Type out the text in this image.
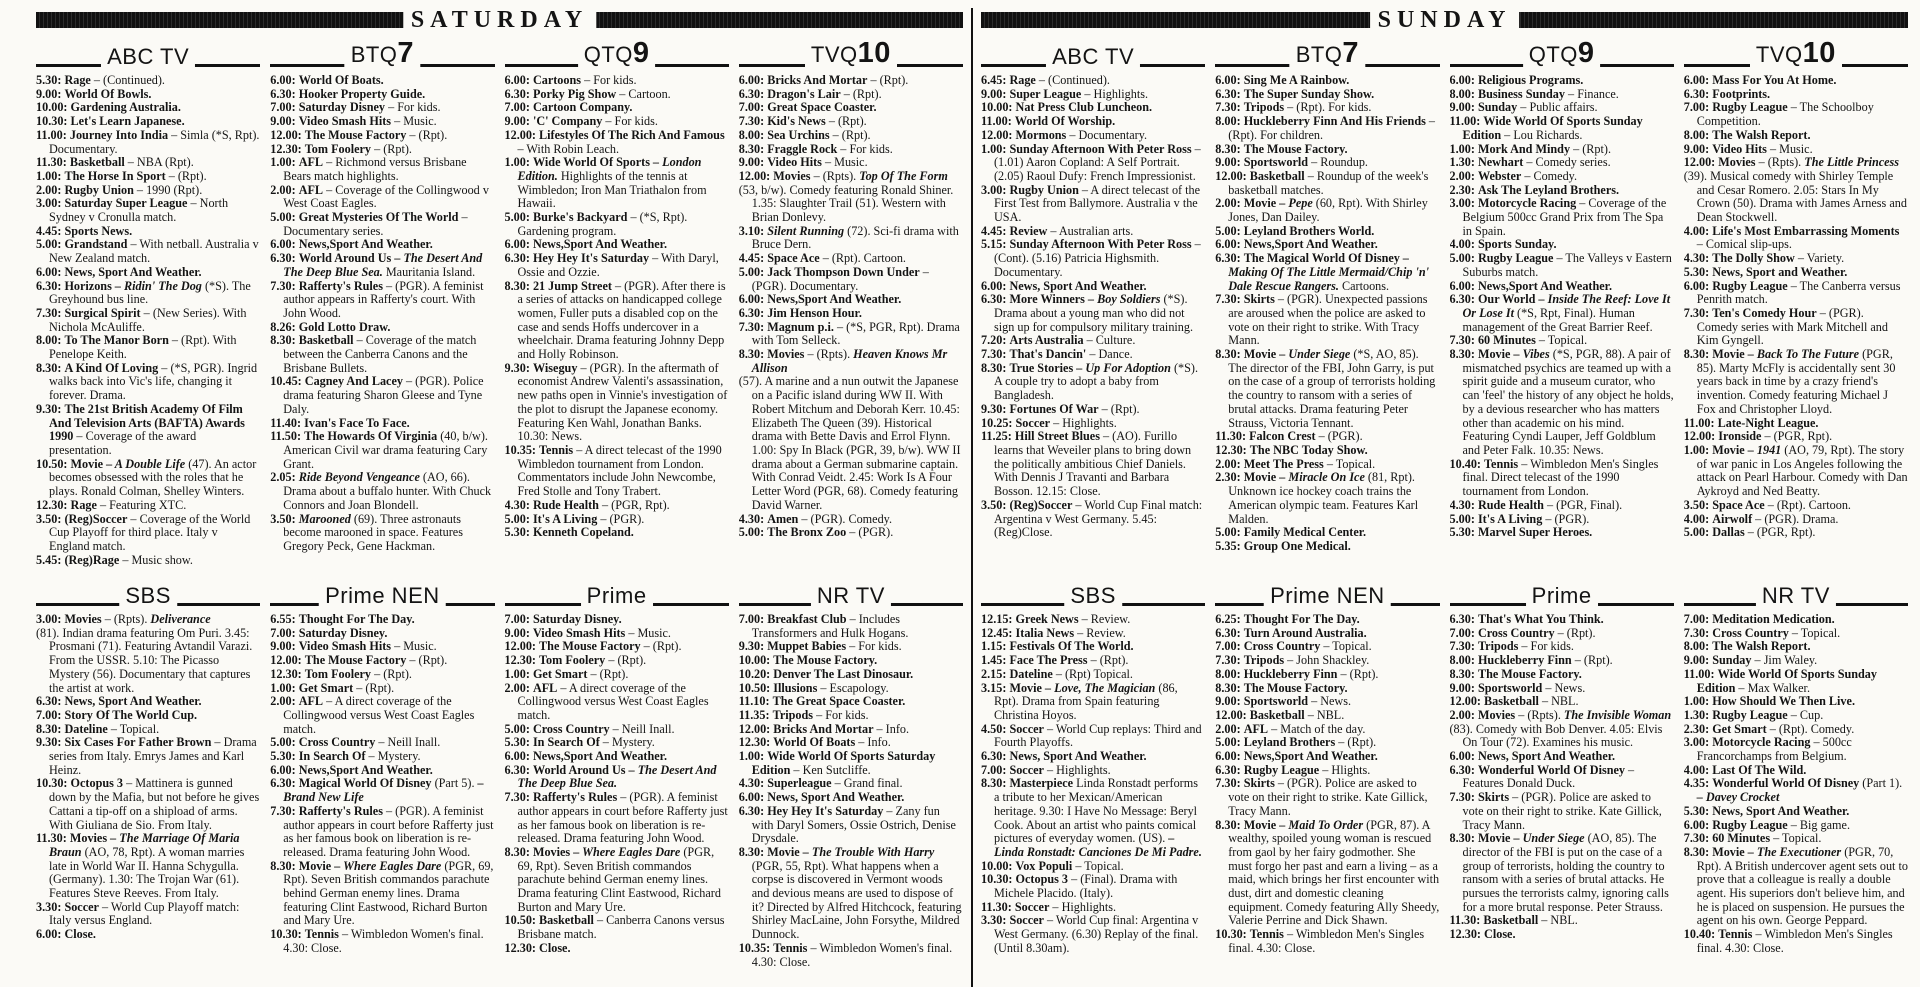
SATURDAY
ABC TV
5.30: Rage – (Continued).
9.00: World Of Bowls.
10.00: Gardening Australia.
10.30: Let's Learn Japanese.
11.00: Journey Into India – Simla (*S, Rpt). Documentary.
11.30: Basketball – NBA (Rpt).
1.00: The Horse In Sport – (Rpt).
2.00: Rugby Union – 1990 (Rpt).
3.00: Saturday Super League – North Sydney v Cronulla match.
4.45: Sports News.
5.00: Grandstand – With netball. Australia v New Zealand match.
6.00: News, Sport And Weather.
6.30: Horizons – Ridin' The Dog (*S). The Greyhound bus line.
7.30: Surgical Spirit – (New Series). With Nichola McAuliffe.
8.00: To The Manor Born – (Rpt). With Penelope Keith.
8.30: A Kind Of Loving – (*S, PGR). Ingrid walks back into Vic's life, changing it forever. Drama.
9.30: The 21st British Academy Of Film And Television Arts (BAFTA) Awards 1990 – Coverage of the award presentation.
10.50: Movie – A Double Life (47). An actor becomes obsessed with the roles that he plays. Ronald Colman, Shelley Winters.
12.30: Rage – Featuring XTC.
3.50: (Reg)Soccer – Coverage of the World Cup Playoff for third place. Italy v England match.
5.45: (Reg)Rage – Music show.
BTQ7
6.00: World Of Boats.
6.30: Hooker Property Guide.
7.00: Saturday Disney – For kids.
9.00: Video Smash Hits – Music.
12.00: The Mouse Factory – (Rpt).
12.30: Tom Foolery – (Rpt).
1.00: AFL – Richmond versus Brisbane Bears match highlights.
2.00: AFL – Coverage of the Collingwood v West Coast Eagles.
5.00: Great Mysteries Of The World – Documentary series.
6.00: News,Sport And Weather.
6.30: World Around Us – The Desert And The Deep Blue Sea. Mauritania Island.
7.30: Rafferty's Rules – (PGR). A feminist author appears in Rafferty's court. With John Wood.
8.26: Gold Lotto Draw.
8.30: Basketball – Coverage of the match between the Canberra Canons and the Brisbane Bullets.
10.45: Cagney And Lacey – (PGR). Police drama featuring Sharon Gleese and Tyne Daly.
11.40: Ivan's Face To Face.
11.50: The Howards Of Virginia (40, b/w). American Civil war drama featuring Cary Grant.
2.05: Ride Beyond Vengeance (AO, 66). Drama about a buffalo hunter. With Chuck Connors and Joan Blondell.
3.50: Marooned (69). Three astronauts become marooned in space. Features Gregory Peck, Gene Hackman.
QTQ9
6.00: Cartoons – For kids.
6.30: Porky Pig Show – Cartoon.
7.00: Cartoon Company.
9.00: 'C' Company – For kids.
12.00: Lifestyles Of The Rich And Famous – With Robin Leach.
1.00: Wide World Of Sports – London Edition. Highlights of the tennis at Wimbledon; Iron Man Triathalon from Hawaii.
5.00: Burke's Backyard – (*S, Rpt). Gardening program.
6.00: News,Sport And Weather.
6.30: Hey Hey It's Saturday – With Daryl, Ossie and Ozzie.
8.30: 21 Jump Street – (PGR). After there is a series of attacks on handicapped college women, Fuller puts a disabled cop on the case and sends Hoffs undercover in a wheelchair. Drama featuring Johnny Depp and Holly Robinson.
9.30: Wiseguy – (PGR). In the aftermath of economist Andrew Valenti's assassination, new paths open in Vinnie's investigation of the plot to disrupt the Japanese economy. Featuring Ken Wahl, Jonathan Banks. 10.30: News.
10.35: Tennis – A direct telecast of the 1990 Wimbledon tournament from London. Commentators include John Newcombe, Fred Stolle and Tony Trabert.
4.30: Rude Health – (PGR, Rpt).
5.00: It's A Living – (PGR).
5.30: Kenneth Copeland.
TVQ10
6.00: Bricks And Mortar – (Rpt).
6.30: Dragon's Lair – (Rpt).
7.00: Great Space Coaster.
7.30: Kid's News – (Rpt).
8.00: Sea Urchins – (Rpt).
8.30: Fraggle Rock – For kids.
9.00: Video Hits – Music.
12.00: Movies – (Rpts). Top Of The Form
(53, b/w). Comedy featuring Ronald Shiner. 1.35: Slaughter Trail (51). Western with Brian Donlevy.
3.10: Silent Running (72). Sci-fi drama with Bruce Dern.
4.45: Space Ace – (Rpt). Cartoon.
5.00: Jack Thompson Down Under – (PGR). Documentary.
6.00: News,Sport And Weather.
6.30: Jim Henson Hour.
7.30: Magnum p.i. – (*S, PGR, Rpt). Drama with Tom Selleck.
8.30: Movies – (Rpts). Heaven Knows Mr Allison
(57). A marine and a nun outwit the Japanese on a Pacific island during WW II. With Robert Mitchum and Deborah Kerr. 10.45: Elizabeth The Queen (39). Historical drama with Bette Davis and Errol Flynn. 1.00: Spy In Black (PGR, 39, b/w). WW II drama about a German submarine captain. With Conrad Veidt. 2.45: Work Is A Four Letter Word (PGR, 68). Comedy featuring David Warner.
4.30: Amen – (PGR). Comedy.
5.00: The Bronx Zoo – (PGR).
SBS
3.00: Movies – (Rpts). Deliverance
(81). Indian drama featuring Om Puri. 3.45: Prosmani (71). Featuring Avtandil Varazi. From the USSR. 5.10: The Picasso Mystery (56). Documentary that captures the artist at work.
6.30: News, Sport And Weather.
7.00: Story Of The World Cup.
8.30: Dateline – Topical.
9.30: Six Cases For Father Brown – Drama series from Italy. Emrys James and Karl Heinz.
10.30: Octopus 3 – Mattinera is gunned down by the Mafia, but not before he gives Cattani a tip-off on a shipload of arms. With Giuliana de Sio. From Italy.
11.30: Movies – The Marriage Of Maria Braun (AO, 78, Rpt). A woman marries late in World War II. Hanna Schygulla. (Germany). 1.30: The Trojan War (61). Features Steve Reeves. From Italy.
3.30: Soccer – World Cup Playoff match: Italy versus England.
6.00: Close.
Prime NEN
6.55: Thought For The Day.
7.00: Saturday Disney.
9.00: Video Smash Hits – Music.
12.00: The Mouse Factory – (Rpt).
12.30: Tom Foolery – (Rpt).
1.00: Get Smart – (Rpt).
2.00: AFL – A direct coverage of the Collingwood versus West Coast Eagles match.
5.00: Cross Country – Neill Inall.
5.30: In Search Of – Mystery.
6.00: News,Sport And Weather.
6.30: Magical World Of Disney (Part 5). – Brand New Life
7.30: Rafferty's Rules – (PGR). A feminist author appears in court before Rafferty just as her famous book on liberation is re-released. Drama featuring John Wood.
8.30: Movie – Where Eagles Dare (PGR, 69, Rpt). Seven British commandos parachute behind German enemy lines. Drama featuring Clint Eastwood, Richard Burton and Mary Ure.
10.30: Tennis – Wimbledon Women's final. 4.30: Close.
Prime
7.00: Saturday Disney.
9.00: Video Smash Hits – Music.
12.00: The Mouse Factory – (Rpt).
12.30: Tom Foolery – (Rpt).
1.00: Get Smart – (Rpt).
2.00: AFL – A direct coverage of the Collingwood versus West Coast Eagles match.
5.00: Cross Country – Neill Inall.
5.30: In Search Of – Mystery.
6.00: News,Sport And Weather.
6.30: World Around Us – The Desert And The Deep Blue Sea.
7.30: Rafferty's Rules – (PGR). A feminist author appears in court before Rafferty just as her famous book on liberation is re-released. Drama featuring John Wood.
8.30: Movies – Where Eagles Dare (PGR, 69, Rpt). Seven British commandos parachute behind German enemy lines. Drama featuring Clint Eastwood, Richard Burton and Mary Ure.
10.50: Basketball – Canberra Canons versus Brisbane match.
12.30: Close.
NR TV
7.00: Breakfast Club – Includes Transformers and Hulk Hogans.
9.30: Muppet Babies – For kids.
10.00: The Mouse Factory.
10.20: Denver The Last Dinosaur.
10.50: Illusions – Escapology.
11.10: The Great Space Coaster.
11.35: Tripods – For kids.
12.00: Bricks And Mortar – Info.
12.30: World Of Boats – Info.
1.00: Wide World Of Sports Saturday Edition – Ken Sutcliffe.
4.30: Superleague – Grand final.
6.00: News, Sport And Weather.
6.30: Hey Hey It's Saturday – Zany fun with Daryl Somers, Ossie Ostrich, Denise Drysdale.
8.30: Movie – The Trouble With Harry (PGR, 55, Rpt). What happens when a corpse is discovered in Vermont woods and devious means are used to dispose of it? Directed by Alfred Hitchcock, featuring Shirley MacLaine, John Forsythe, Mildred Dunnock.
10.35: Tennis – Wimbledon Women's final. 4.30: Close.
SUNDAY
ABC TV
6.45: Rage – (Continued).
9.00: Super League – Highlights.
10.00: Nat Press Club Luncheon.
11.00: World Of Worship.
12.00: Mormons – Documentary.
1.00: Sunday Afternoon With Peter Ross – (1.01) Aaron Copland: A Self Portrait. (2.05) Raoul Dufy: French Impressionist.
3.00: Rugby Union – A direct telecast of the First Test from Ballymore. Australia v the USA.
4.45: Review – Australian arts.
5.15: Sunday Afternoon With Peter Ross – (Cont). (5.16) Patricia Highsmith. Documentary.
6.00: News, Sport And Weather.
6.30: More Winners – Boy Soldiers (*S). Drama about a young man who did not sign up for compulsory military training.
7.20: Arts Australia – Culture.
7.30: That's Dancin' – Dance.
8.30: True Stories – Up For Adoption (*S). A couple try to adopt a baby from Bangladesh.
9.30: Fortunes Of War – (Rpt).
10.25: Soccer – Highlights.
11.25: Hill Street Blues – (AO). Furillo learns that Weveiler plans to bring down the politically ambitious Chief Daniels. With Dennis J Travanti and Barbara Bosson. 12.15: Close.
3.50: (Reg)Soccer – World Cup Final match: Argentina v West Germany. 5.45: (Reg)Close.
BTQ7
6.00: Sing Me A Rainbow.
6.30: The Super Sunday Show.
7.30: Tripods – (Rpt). For kids.
8.00: Huckleberry Finn And His Friends – (Rpt). For children.
8.30: The Mouse Factory.
9.00: Sportsworld – Roundup.
12.00: Basketball – Roundup of the week's basketball matches.
2.00: Movie – Pepe (60, Rpt). With Shirley Jones, Dan Dailey.
5.00: Leyland Brothers World.
6.00: News,Sport And Weather.
6.30: The Magical World Of Disney – Making Of The Little Mermaid/Chip 'n' Dale Rescue Rangers. Cartoons.
7.30: Skirts – (PGR). Unexpected passions are aroused when the police are asked to vote on their right to strike. With Tracy Mann.
8.30: Movie – Under Siege (*S, AO, 85). The director of the FBI, John Garry, is put on the case of a group of terrorists holding the country to ransom with a series of brutal attacks. Drama featuring Peter Strauss, Victoria Tennant.
11.30: Falcon Crest – (PGR).
12.30: The NBC Today Show.
2.00: Meet The Press – Topical.
2.30: Movie – Miracle On Ice (81, Rpt). Unknown ice hockey coach trains the American olympic team. Features Karl Malden.
5.00: Family Medical Center.
5.35: Group One Medical.
QTQ9
6.00: Religious Programs.
8.00: Business Sunday – Finance.
9.00: Sunday – Public affairs.
11.00: Wide World Of Sports Sunday Edition – Lou Richards.
1.00: Mork And Mindy – (Rpt).
1.30: Newhart – Comedy series.
2.00: Webster – Comedy.
2.30: Ask The Leyland Brothers.
3.00: Motorcycle Racing – Coverage of the Belgium 500cc Grand Prix from The Spa in Spain.
4.00: Sports Sunday.
5.00: Rugby League – The Valleys v Eastern Suburbs match.
6.00: News,Sport And Weather.
6.30: Our World – Inside The Reef: Love It Or Lose It (*S, Rpt, Final). Human management of the Great Barrier Reef.
7.30: 60 Minutes – Topical.
8.30: Movie – Vibes (*S, PGR, 88). A pair of mismatched psychics are teamed up with a spirit guide and a museum curator, who can 'feel' the history of any object he holds, by a devious researcher who has matters other than academic on his mind. Featuring Cyndi Lauper, Jeff Goldblum and Peter Falk. 10.35: News.
10.40: Tennis – Wimbledon Men's Singles final. Direct telecast of the 1990 tournament from London.
4.30: Rude Health – (PGR, Final).
5.00: It's A Living – (PGR).
5.30: Marvel Super Heroes.
TVQ10
6.00: Mass For You At Home.
6.30: Footprints.
7.00: Rugby League – The Schoolboy Competition.
8.00: The Walsh Report.
9.00: Video Hits – Music.
12.00: Movies – (Rpts). The Little Princess
(39). Musical comedy with Shirley Temple and Cesar Romero. 2.05: Stars In My Crown (50). Drama with James Arness and Dean Stockwell.
4.00: Life's Most Embarrassing Moments – Comical slip-ups.
4.30: The Dolly Show – Variety.
5.30: News, Sport and Weather.
6.00: Rugby League – The Canberra versus Penrith match.
7.30: Ten's Comedy Hour – (PGR). Comedy series with Mark Mitchell and Kim Gyngell.
8.30: Movie – Back To The Future (PGR, 85). Marty McFly is accidentally sent 30 years back in time by a crazy friend's invention. Comedy featuring Michael J Fox and Christopher Lloyd.
11.00: Late-Night League.
12.00: Ironside – (PGR, Rpt).
1.00: Movie – 1941 (AO, 79, Rpt). The story of war panic in Los Angeles following the attack on Pearl Harbour. Comedy with Dan Aykroyd and Ned Beatty.
3.50: Space Ace – (Rpt). Cartoon.
4.00: Airwolf – (PGR). Drama.
5.00: Dallas – (PGR, Rpt).
SBS
12.15: Greek News – Review.
12.45: Italia News – Review.
1.15: Festivals Of The World.
1.45: Face The Press – (Rpt).
2.15: Dateline – (Rpt) Topical.
3.15: Movie – Love, The Magician (86, Rpt). Drama from Spain featuring Christina Hoyos.
4.50: Soccer – World Cup replays: Third and Fourth Playoffs.
6.30: News, Sport And Weather.
7.00: Soccer – Highlights.
8.30: Masterpiece Linda Ronstadt performs a tribute to her Mexican/American heritage. 9.30: I Have No Message: Beryl Cook. About an artist who paints comical pictures of everyday women. (US). – Linda Ronstadt: Canciones De Mi Padre.
10.00: Vox Populi – Topical.
10.30: Octopus 3 – (Final). Drama with Michele Placido. (Italy).
11.30: Soccer – Highlights.
3.30: Soccer – World Cup final: Argentina v West Germany. (6.30) Replay of the final. (Until 8.30am).
Prime NEN
6.25: Thought For The Day.
6.30: Turn Around Australia.
7.00: Cross Country – Topical.
7.30: Tripods – John Shackley.
8.00: Huckleberry Finn – (Rpt).
8.30: The Mouse Factory.
9.00: Sportsworld – News.
12.00: Basketball – NBL.
2.00: AFL – Match of the day.
5.00: Leyland Brothers – (Rpt).
6.00: News,Sport And Weather.
6.30: Rugby League – Hlights.
7.30: Skirts – (PGR). Police are asked to vote on their right to strike. Kate Gillick, Tracy Mann.
8.30: Movie – Maid To Order (PGR, 87). A wealthy, spoiled young woman is rescued from gaol by her fairy godmother. She must forgo her past and earn a living – as a maid, which brings her first encounter with dust, dirt and domestic cleaning equipment. Comedy featuring Ally Sheedy, Valerie Perrine and Dick Shawn.
10.30: Tennis – Wimbledon Men's Singles final. 4.30: Close.
Prime
6.30: That's What You Think.
7.00: Cross Country – (Rpt).
7.30: Tripods – For kids.
8.00: Huckleberry Finn – (Rpt).
8.30: The Mouse Factory.
9.00: Sportsworld – News.
12.00: Basketball – NBL.
2.00: Movies – (Rpts). The Invisible Woman
(83). Comedy with Bob Denver. 4.05: Elvis On Tour (72). Examines his music.
6.00: News, Sport And Weather.
6.30: Wonderful World Of Disney – Features Donald Duck.
7.30: Skirts – (PGR). Police are asked to vote on their right to strike. Kate Gillick, Tracy Mann.
8.30: Movie – Under Siege (AO, 85). The director of the FBI is put on the case of a group of terrorists, holding the country to ransom with a series of brutal attacks. He pursues the terrorists calmy, ignoring calls for a more brutal response. Peter Strauss.
11.30: Basketball – NBL.
12.30: Close.
NR TV
7.00: Meditation Medication.
7.30: Cross Country – Topical.
8.00: The Walsh Report.
9.00: Sunday – Jim Waley.
11.00: Wide World Of Sports Sunday Edition – Max Walker.
1.00: How Should We Then Live.
1.30: Rugby League – Cup.
2.30: Get Smart – (Rpt). Comedy.
3.00: Motorcycle Racing – 500cc Francorchamps from Belgium.
4.00: Last Of The Wild.
4.35: Wonderful World Of Disney (Part 1). – Davey Crocket
5.30: News, Sport And Weather.
6.00: Rugby League – Big game.
7.30: 60 Minutes – Topical.
8.30: Movie – The Executioner (PGR, 70, Rpt). A British undercover agent sets out to prove that a colleague is really a double agent. His superiors don't believe him, and he is placed on suspension. He pursues the agent on his own. George Peppard.
10.40: Tennis – Wimbledon Men's Singles final. 4.30: Close.
